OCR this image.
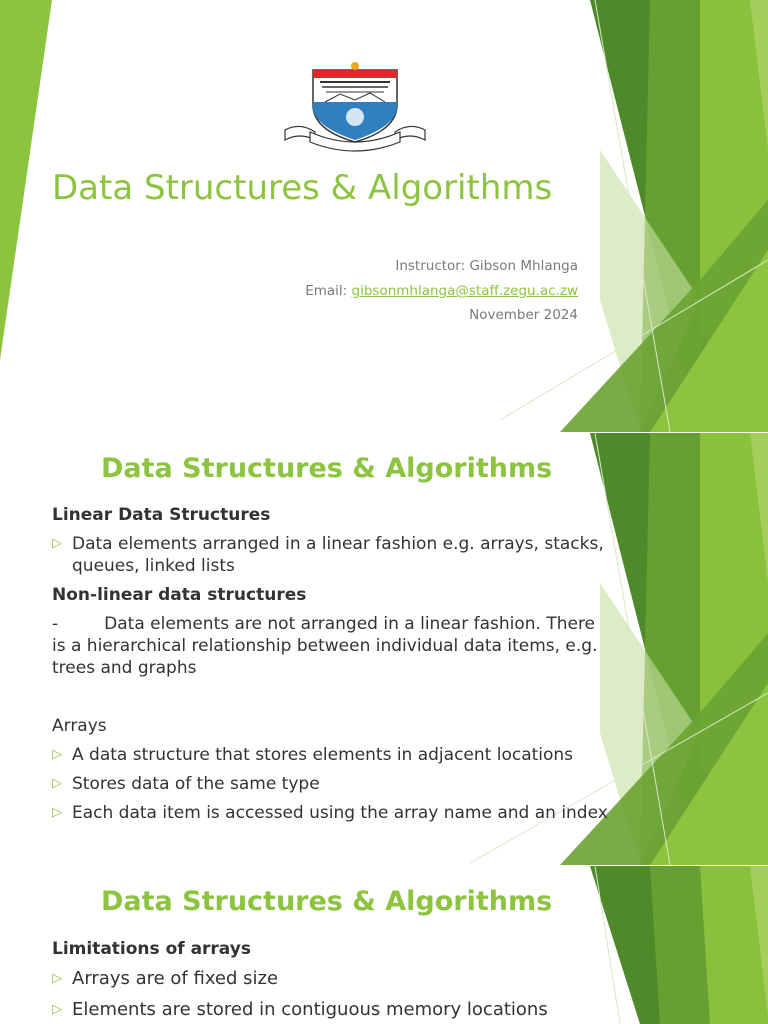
Data Structures & Algorithms
Instructor: Gibson Mhlanga
Email: gibsonmhlanga@staff.zegu.ac.zw
November 2024
Data Structures & Algorithms

Linear Data Structures

▷ Data elements arranged in a linear fashion e.g. arrays, stacks, queues, linked lists

Non-linear data structures

-	Data elements are not arranged in a linear fashion. There is a hierarchical relationship between individual data items, e.g. trees and graphs

Arrays

▷ A data structure that stores elements in adjacent locations

▷ Stores data of the same type

▷ Each data item is accessed using the array name and an index

Data Structures & Algorithms

Limitations of arrays

▷ Arrays are of fixed size

▷ Elements are stored in contiguous memory locations
